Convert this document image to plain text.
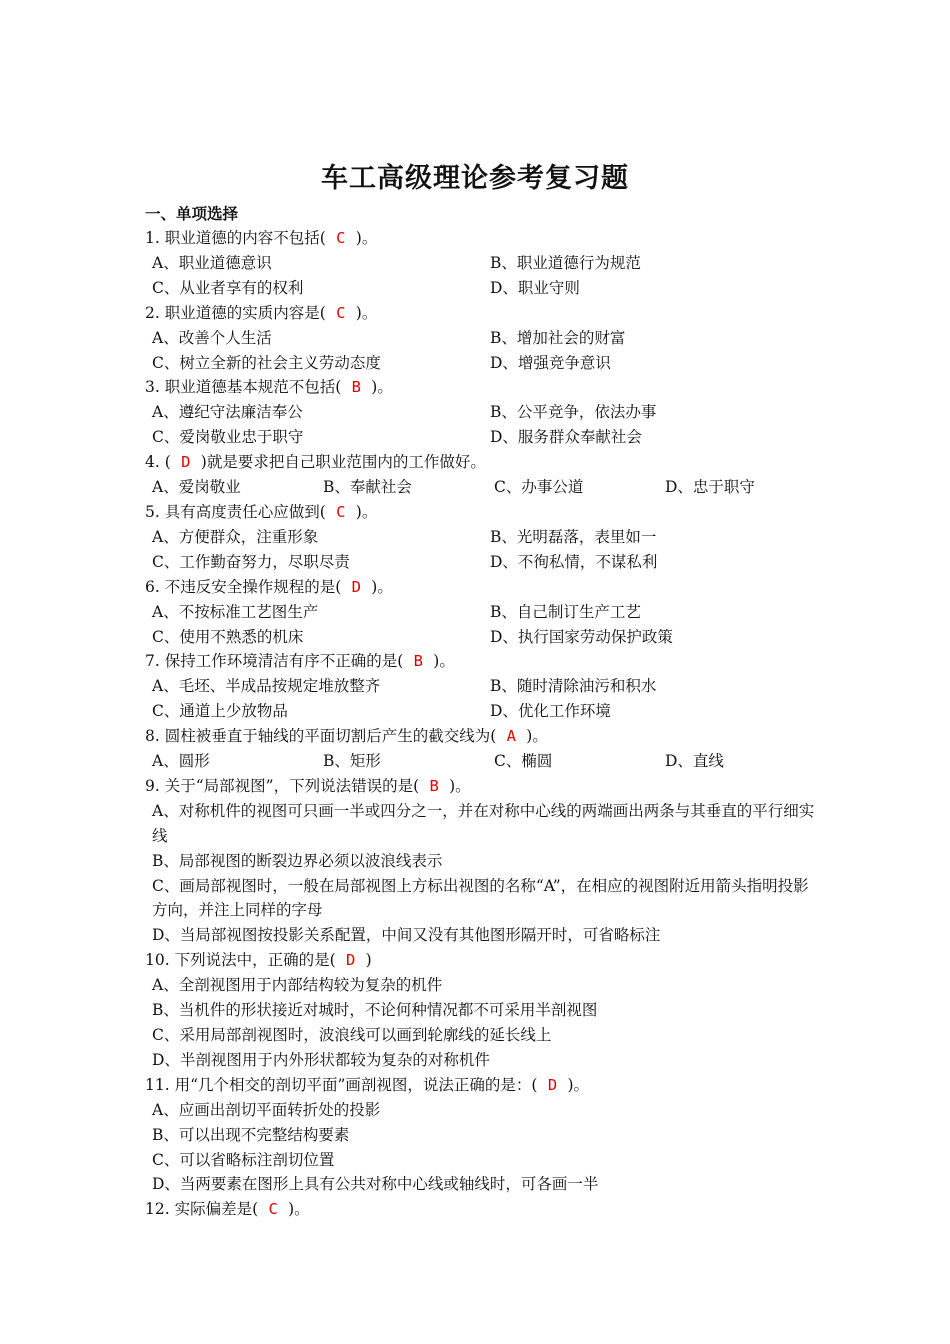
车工高级理论参考复习题
一、单项选择
1. 职业道德的内容不包括( C )。
A、职业道德意识	B、职业道德行为规范
C、从业者享有的权利	D、职业守则
2. 职业道德的实质内容是( C )。
A、改善个人生活	B、增加社会的财富
C、树立全新的社会主义劳动态度	D、增强竞争意识
3. 职业道德基本规范不包括( B )。
A、遵纪守法廉洁奉公	B、公平竞争，依法办事
C、爱岗敬业忠于职守	D、服务群众奉献社会
4. ( D )就是要求把自己职业范围内的工作做好。
A、爱岗敬业	B、奉献社会	C、办事公道	D、忠于职守
5. 具有高度责任心应做到( C )。
A、方便群众，注重形象	B、光明磊落，表里如一
C、工作勤奋努力，尽职尽责	D、不徇私情，不谋私利
6. 不违反安全操作规程的是( D )。
A、不按标准工艺图生产	B、自己制订生产工艺
C、使用不熟悉的机床	D、执行国家劳动保护政策
7. 保持工作环境清洁有序不正确的是( B )。
A、毛坯、半成品按规定堆放整齐	B、随时清除油污和积水
C、通道上少放物品	D、优化工作环境
8. 圆柱被垂直于轴线的平面切割后产生的截交线为( A )。
A、圆形	B、矩形	C、椭圆	D、直线
9. 关于“局部视图”，下列说法错误的是( B )。
A、对称机件的视图可只画一半或四分之一，并在对称中心线的两端画出两条与其垂直的平行细实线
B、局部视图的断裂边界必须以波浪线表示
C、画局部视图时，一般在局部视图上方标出视图的名称“A”，在相应的视图附近用箭头指明投影方向，并注上同样的字母
D、当局部视图按投影关系配置，中间又没有其他图形隔开时，可省略标注
10. 下列说法中，正确的是( D )
A、全剖视图用于内部结构较为复杂的机件
B、当机件的形状接近对城时，不论何种情况都不可采用半剖视图
C、采用局部剖视图时，波浪线可以画到轮廓线的延长线上
D、半剖视图用于内外形状都较为复杂的对称机件
11. 用“几个相交的剖切平面”画剖视图，说法正确的是：( D )。
A、应画出剖切平面转折处的投影
B、可以出现不完整结构要素
C、可以省略标注剖切位置
D、当两要素在图形上具有公共对称中心线或轴线时，可各画一半
12. 实际偏差是( C )。
